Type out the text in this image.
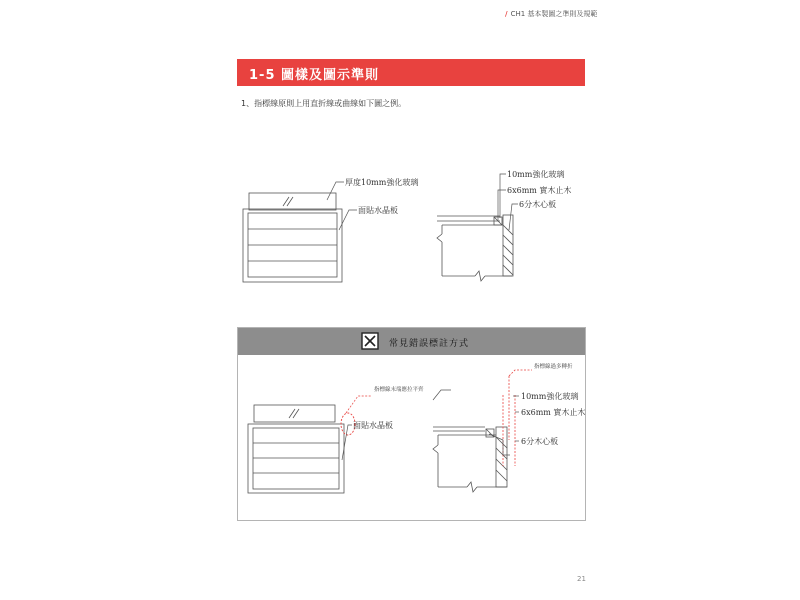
/ CH1 基本製圖之準則及規範
1-5 圖樣及圖示準則
1、指標線原則上用直折線或曲線如下圖之例。
厚度10mm強化玻璃
面貼水晶板
10mm強化玻璃
6x6mm 實木止木
6分木心板
常見錯誤標註方式
指標線末端應拉平齊
面貼水晶板
指標線過多轉折
10mm強化玻璃
6x6mm 實木止木
6分木心板
21
